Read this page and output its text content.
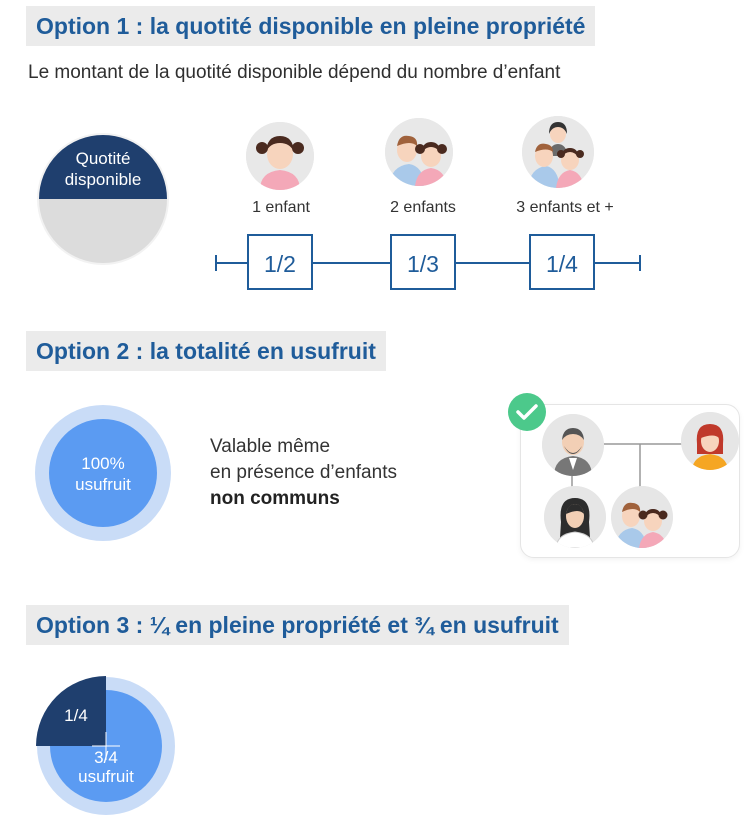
Option 1 : la quotité disponible en pleine propriété
Le montant de la quotité disponible dépend du nombre d’enfant
Quotité
disponible
1 enfant	2 enfants	3 enfants et +
1/2	1/3	1/4
Option 2 : la totalité en usufruit
100%
usufruit
Valable même
en présence d’enfants
non communs
Option 3 : ¼ en pleine propriété et ¾ en usufruit
1/4
3/4
usufruit
